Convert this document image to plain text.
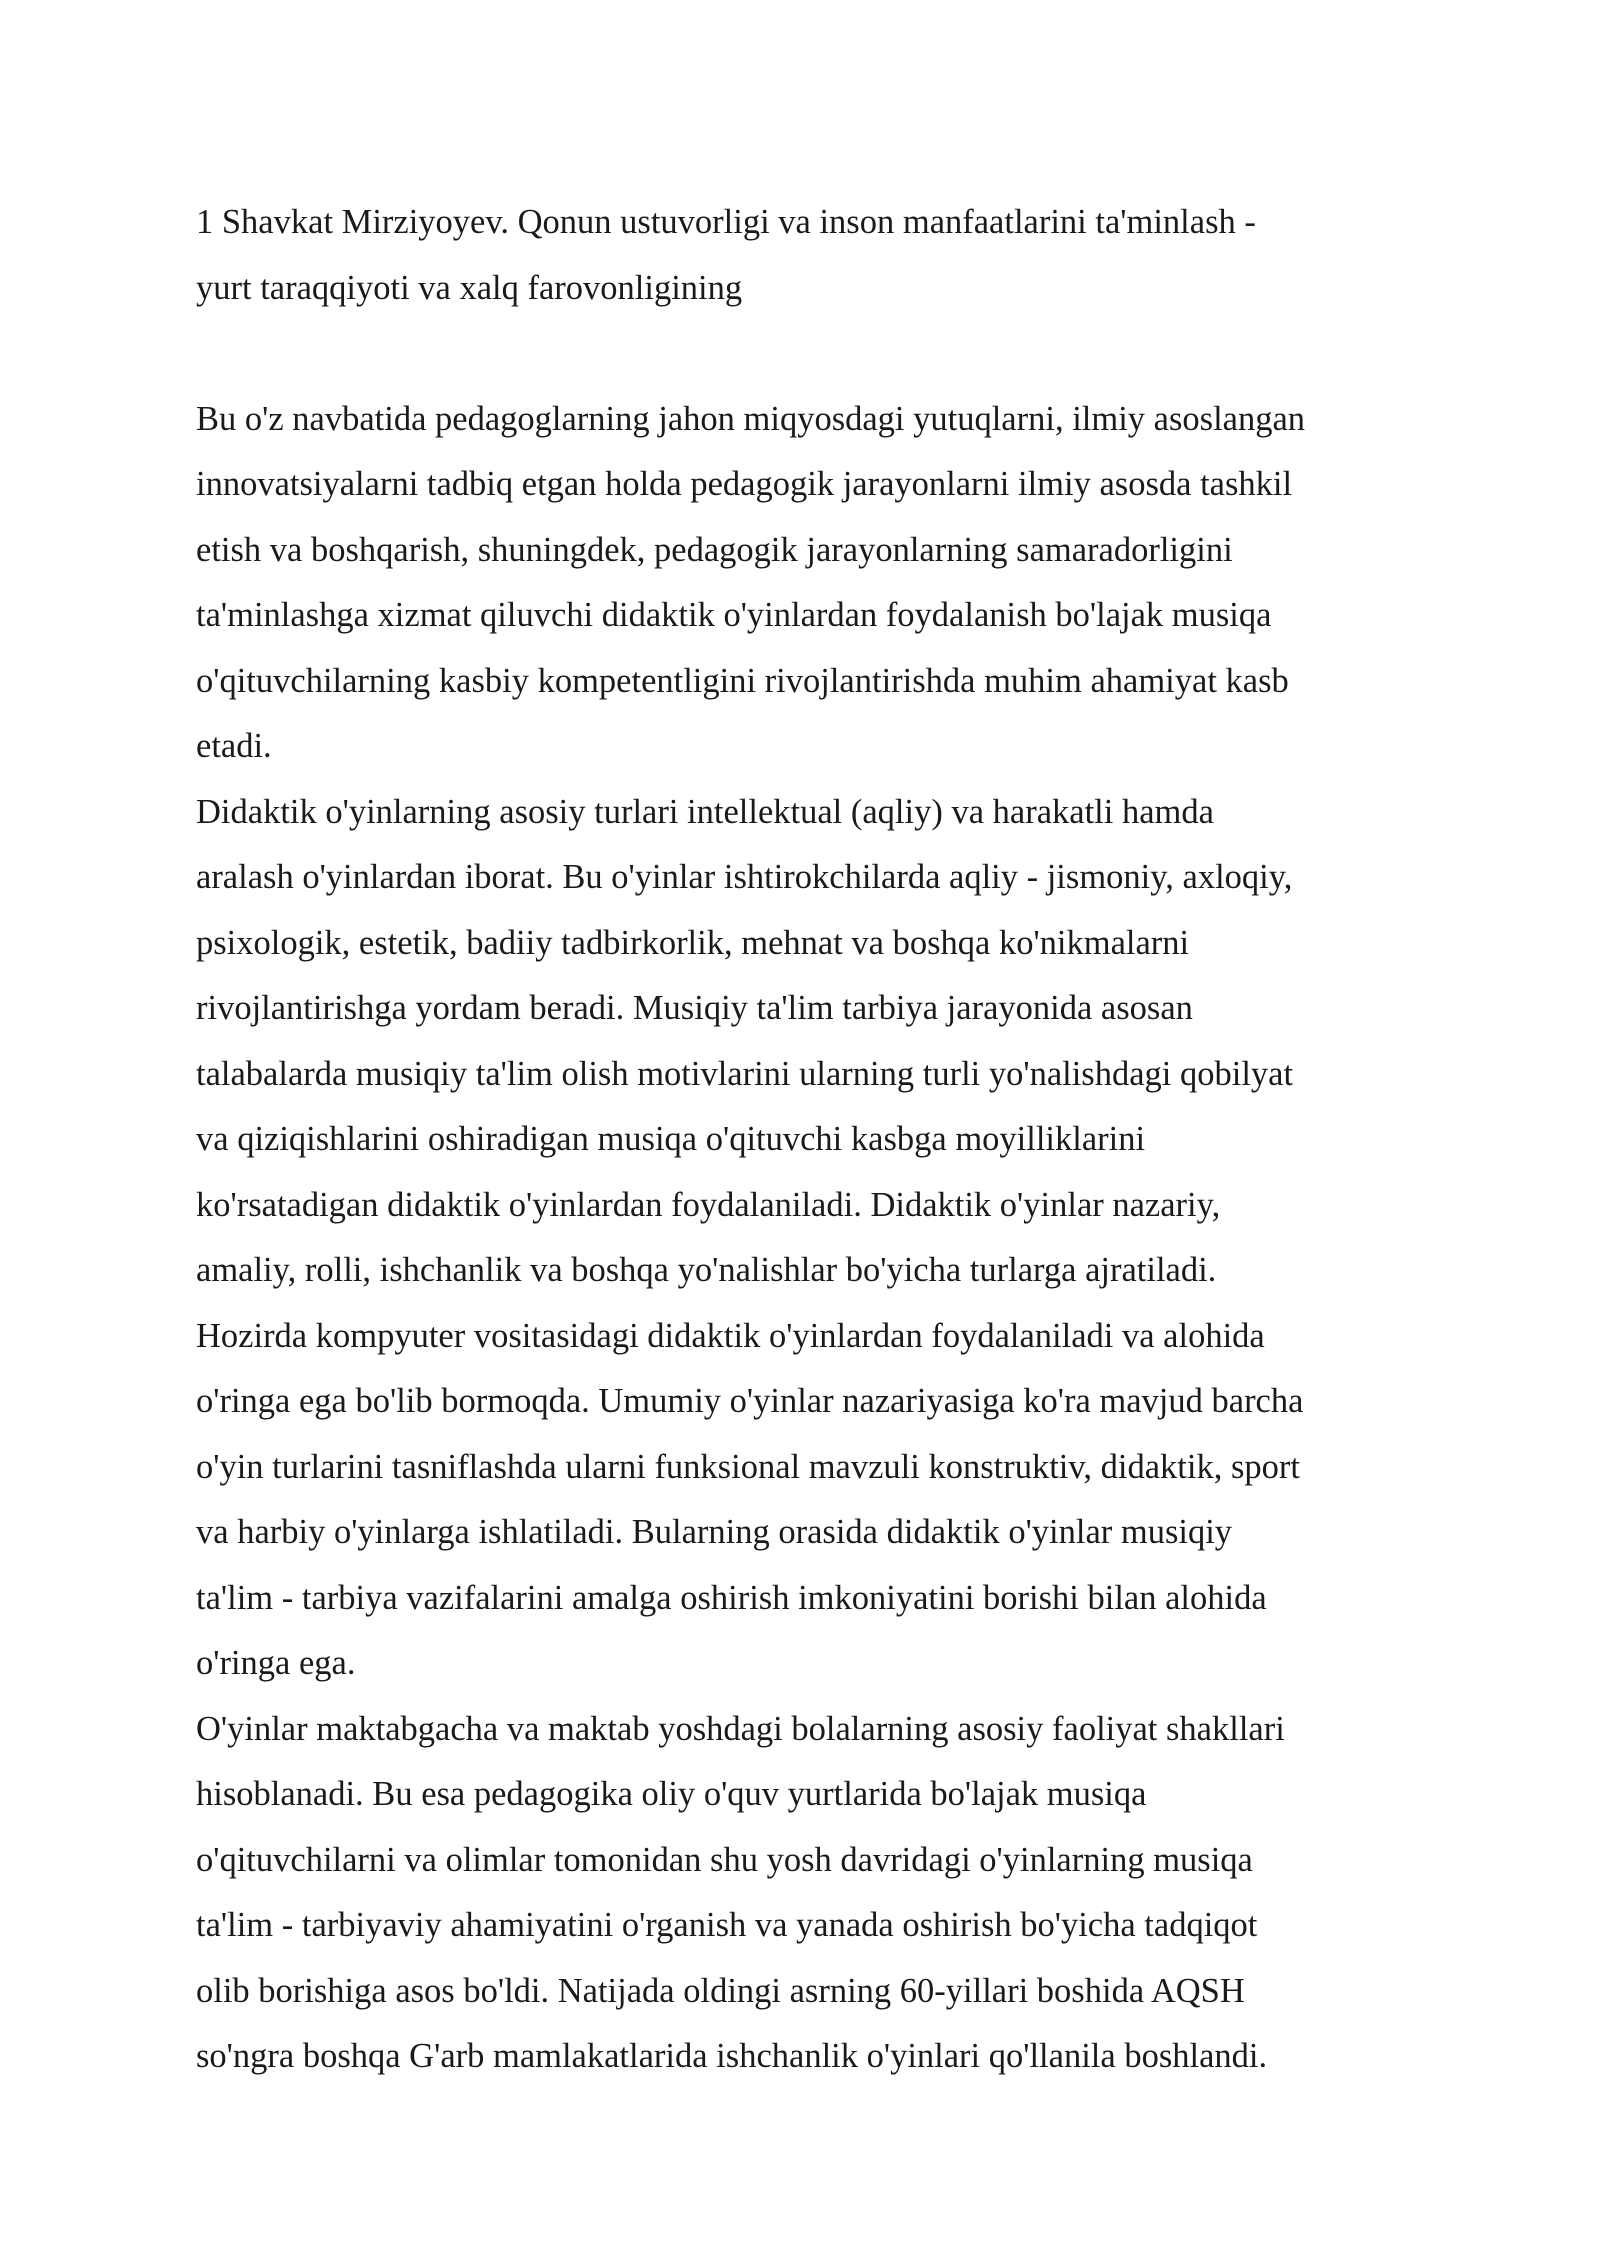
1 Shavkat Mirziyoyev. Qonun ustuvorligi va inson manfaatlarini ta'minlash -
yurt taraqqiyoti va xalq farovonligining

Bu o'z navbatida pedagoglarning jahon miqyosdagi yutuqlarni, ilmiy asoslangan
innovatsiyalarni tadbiq etgan holda pedagogik jarayonlarni ilmiy asosda tashkil
etish va boshqarish, shuningdek, pedagogik jarayonlarning samaradorligini
ta'minlashga xizmat qiluvchi didaktik o'yinlardan foydalanish bo'lajak musiqa
o'qituvchilarning kasbiy kompetentligini rivojlantirishda muhim ahamiyat kasb
etadi.

Didaktik o'yinlarning asosiy turlari intellektual (aqliy) va harakatli hamda
aralash o'yinlardan iborat. Bu o'yinlar ishtirokchilarda aqliy - jismoniy, axloqiy,
psixologik, estetik, badiiy tadbirkorlik, mehnat va boshqa ko'nikmalarni
rivojlantirishga yordam beradi. Musiqiy ta'lim tarbiya jarayonida asosan
talabalarda musiqiy ta'lim olish motivlarini ularning turli yo'nalishdagi qobilyat
va qiziqishlarini oshiradigan musiqa o'qituvchi kasbga moyilliklarini
ko'rsatadigan didaktik o'yinlardan foydalaniladi. Didaktik o'yinlar nazariy,
amaliy, rolli, ishchanlik va boshqa yo'nalishlar bo'yicha turlarga ajratiladi.
Hozirda kompyuter vositasidagi didaktik o'yinlardan foydalaniladi va alohida
o'ringa ega bo'lib bormoqda. Umumiy o'yinlar nazariyasiga ko'ra mavjud barcha
o'yin turlarini tasniflashda ularni funksional mavzuli konstruktiv, didaktik, sport
va harbiy o'yinlarga ishlatiladi. Bularning orasida didaktik o'yinlar musiqiy
ta'lim - tarbiya vazifalarini amalga oshirish imkoniyatini borishi bilan alohida
o'ringa ega.

O'yinlar maktabgacha va maktab yoshdagi bolalarning asosiy faoliyat shakllari
hisoblanadi. Bu esa pedagogika oliy o'quv yurtlarida bo'lajak musiqa
o'qituvchilarni va olimlar tomonidan shu yosh davridagi o'yinlarning musiqa
ta'lim - tarbiyaviy ahamiyatini o'rganish va yanada oshirish bo'yicha tadqiqot
olib borishiga asos bo'ldi. Natijada oldingi asrning 60-yillari boshida AQSH
so'ngra boshqa G'arb mamlakatlarida ishchanlik o'yinlari qo'llanila boshlandi.
